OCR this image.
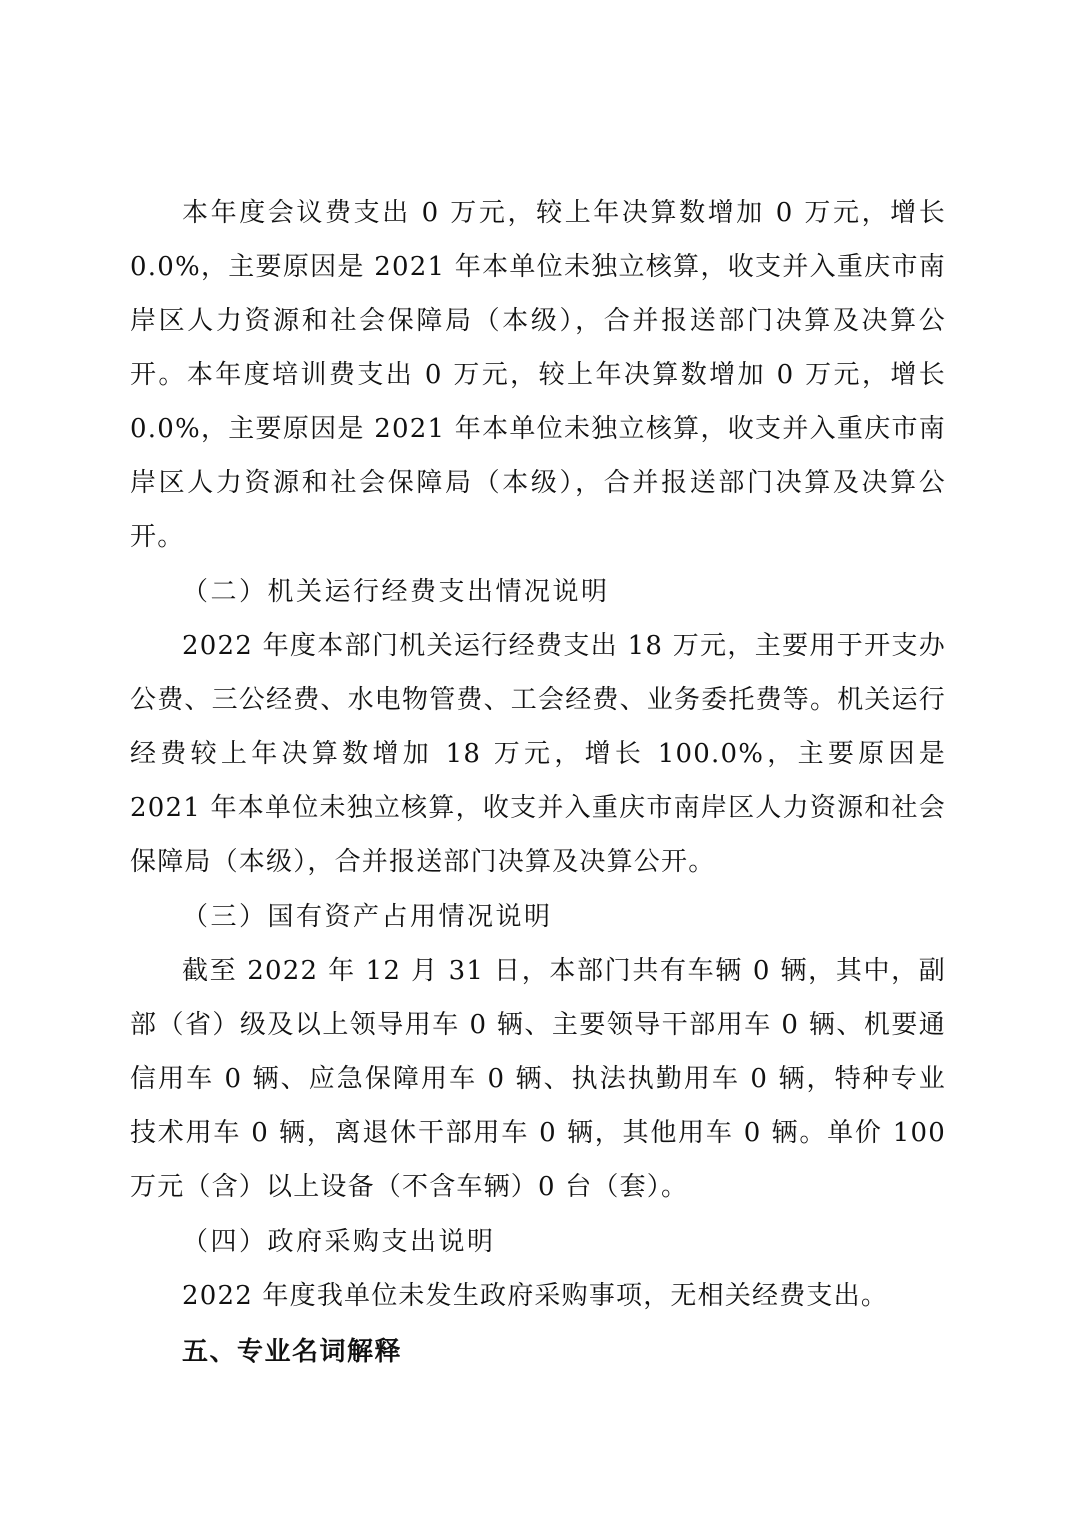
本年度会议费支出 0 万元，较上年决算数增加 0 万元，增长 0.0%，主要原因是 2021 年本单位未独立核算，收支并入重庆市南岸区人力资源和社会保障局（本级），合并报送部门决算及决算公开。本年度培训费支出 0 万元，较上年决算数增加 0 万元，增长 0.0%，主要原因是 2021 年本单位未独立核算，收支并入重庆市南岸区人力资源和社会保障局（本级），合并报送部门决算及决算公开。

（二）机关运行经费支出情况说明

2022 年度本部门机关运行经费支出 18 万元，主要用于开支办公费、三公经费、水电物管费、工会经费、业务委托费等。机关运行经费较上年决算数增加 18 万元，增长 100.0%，主要原因是 2021 年本单位未独立核算，收支并入重庆市南岸区人力资源和社会保障局（本级），合并报送部门决算及决算公开。

（三）国有资产占用情况说明

截至 2022 年 12 月 31 日，本部门共有车辆 0 辆，其中，副部（省）级及以上领导用车 0 辆、主要领导干部用车 0 辆、机要通信用车 0 辆、应急保障用车 0 辆、执法执勤用车 0 辆，特种专业技术用车 0 辆，离退休干部用车 0 辆，其他用车 0 辆。单价 100 万元（含）以上设备（不含车辆）0 台（套）。

（四）政府采购支出说明

2022 年度我单位未发生政府采购事项，无相关经费支出。

五、专业名词解释
